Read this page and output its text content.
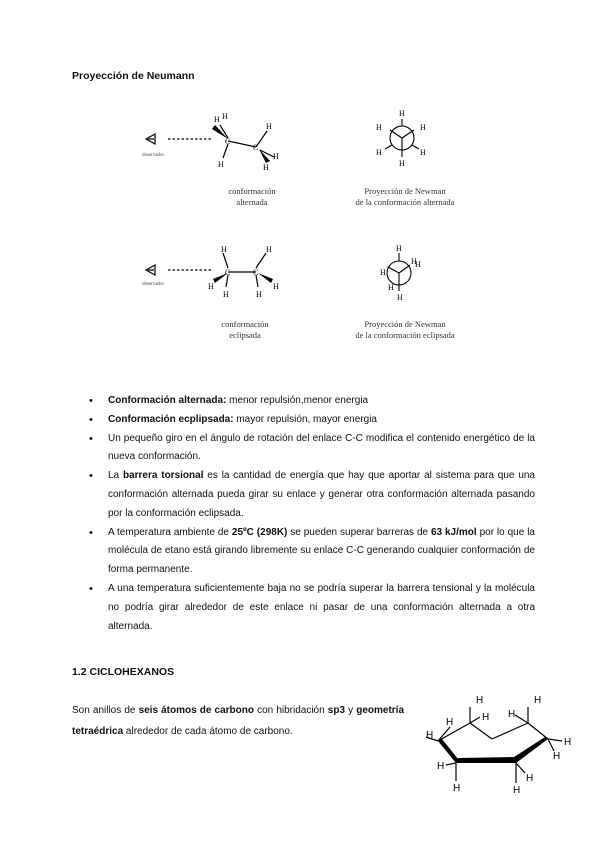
Proyección de Neumann
observador
H H
C
H
C
H
H
H
H
H	H
H	H
H
observador
H	H
C	C
H
H	H
H
H
H
H
H
H
H
conformación
alternada
Proyección de Newman
de la conformación alternada
conformación
eclipsada
Proyección de Newman
de la conformación eclipsada
• Conformación alternada: menor repulsión,menor energia
• Conformación ecplipsada: mayor repulsión, mayor energia
• Un pequeño giro en el ángulo de rotación del enlace C-C modifica el contenido energético de la nueva conformación.
• La barrera torsional es la cantidad de energía que hay que aportar al sistema para que una conformación alternada pueda girar su enlace y generar otra conformación alternada pasando por la conformación eclipsada.
• A temperatura ambiente de 25ºC (298K) se pueden superar barreras de 63 kJ/mol por lo que la molécula de etano está girando libremente su enlace C-C generando cualquier conformación de forma permanente.
• A una temperatura suficientemente baja no se podría superar la barrera tensional y la molécula no podría girar alrededor de este enlace ni pasar de una conformación alternada a otra alternada.
1.2 CICLOHEXANOS
Son anillos de seis átomos de carbono con hibridación sp3 y geometría tetraédrica alrededor de cada átomo de carbono.
H
H
H
H
H
H
H
H
H
H
H
H
